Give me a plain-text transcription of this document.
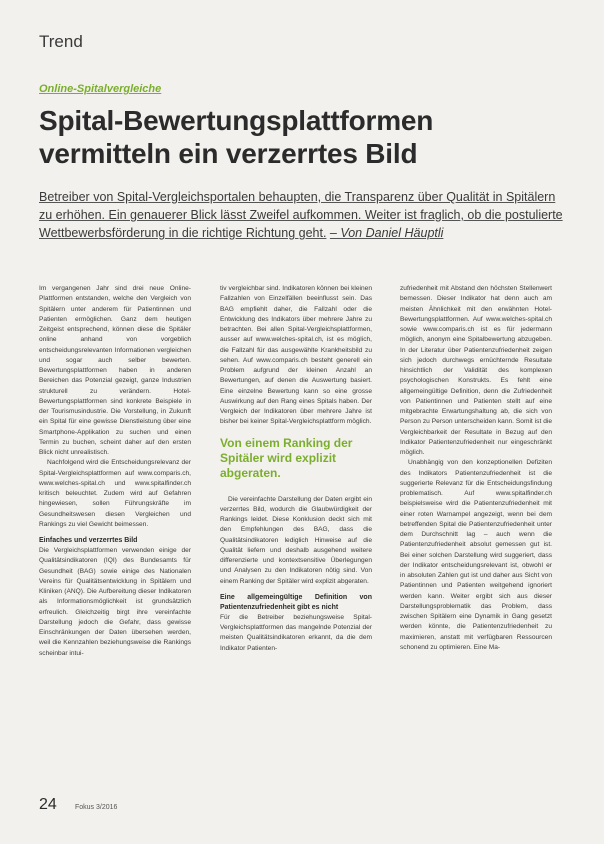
Trend
Online-Spitalvergleiche
Spital-Bewertungsplattformen
vermitteln ein verzerrtes Bild
Betreiber von Spital-Vergleichsportalen behaupten, die Transparenz über Qualität in Spitälern zu erhöhen. Ein genauerer Blick lässt Zweifel aufkommen. Weiter ist fraglich, ob die postulierte Wettbewerbsförderung in die richtige Richtung geht. – Von Daniel Häuptli

Im vergangenen Jahr sind drei neue Online-Plattformen entstanden, welche den Vergleich von Spitälern unter anderem für Patientinnen und Patienten ermöglichen. Ganz dem heutigen Zeitgeist entsprechend, können diese die Spitäler online anhand von vorgeblich entscheidungsrelevanten Informationen vergleichen und sogar auch selber bewerten. Bewertungsplattformen haben in anderen Bereichen das Potenzial gezeigt, ganze Industrien strukturell zu verändern. Hotel-Bewertungsplattformen sind konkrete Beispiele in der Tourismusindustrie. Die Vorstellung, in Zukunft ein Spital für eine gewisse Dienstleistung über eine Smartphone-Applikation zu suchen und einen Termin zu buchen, scheint daher auf den ersten Blick nicht unrealistisch.

Nachfolgend wird die Entscheidungsrelevanz der Spital-Vergleichsplattformen auf www.comparis.ch, www.welches-spital.ch und www.spitalfinder.ch kritisch beleuchtet. Zudem wird auf Gefahren hingewiesen, sollen Führungskräfte im Gesundheitswesen diesen Vergleichen und Rankings zu viel Gewicht beimessen.

Einfaches und verzerrtes Bild

Die Vergleichsplattformen verwenden einige der Qualitätsindikatoren (IQI) des Bundesamts für Gesundheit (BAG) sowie einige des Nationalen Vereins für Qualitätsentwicklung in Spitälern und Kliniken (ANQ). Die Aufbereitung dieser Indikatoren als Informationsmöglichkeit ist grundsätzlich erfreulich. Gleichzeitig birgt ihre vereinfachte Darstellung jedoch die Gefahr, dass gewisse Einschränkungen der Daten übersehen werden, weil die Kennzahlen beziehungsweise die Rankings scheinbar intui-

tiv vergleichbar sind. Indikatoren können bei kleinen Fallzahlen von Einzelfällen beeinflusst sein. Das BAG empfiehlt daher, die Fallzahl oder die Entwicklung des Indikators über mehrere Jahre zu betrachten. Bei allen Spital-Vergleichsplattformen, ausser auf www.welches-spital.ch, ist es möglich, die Fallzahl für das ausgewählte Krankheitsbild zu sehen. Auf www.comparis.ch besteht generell ein Problem aufgrund der kleinen Anzahl an Bewertungen, auf denen die Auswertung basiert. Eine einzelne Bewertung kann so eine grosse Auswirkung auf den Rang eines Spitals haben. Der Vergleich der Indikatoren über mehrere Jahre ist bisher bei keiner Spital-Vergleichsplattform möglich.

Von einem Ranking der Spitäler wird explizit abgeraten.

Die vereinfachte Darstellung der Daten ergibt ein verzerrtes Bild, wodurch die Glaubwürdigkeit der Rankings leidet. Diese Konklusion deckt sich mit den Empfehlungen des BAG, dass die Qualitätsindikatoren lediglich Hinweise auf die Qualität liefern und deshalb ausgehend weitere differenzierte und kontextsensitive Überlegungen und Analysen zu den Indikatoren nötig sind. Von einem Ranking der Spitäler wird explizit abgeraten.

Eine allgemeingültige Definition von Patientenzufriedenheit gibt es nicht

Für die Betreiber beziehungsweise Spital-Vergleichsplattformen das mangelnde Potenzial der meisten Qualitätsindikatoren erkannt, da die dem Indikator Patienten-

zufriedenheit mit Abstand den höchsten Stellenwert bemessen. Dieser Indikator hat denn auch am meisten Ähnlichkeit mit den erwähnten Hotel-Bewertungsplattformen. Auf www.welches-spital.ch sowie www.comparis.ch ist es für jedermann möglich, anonym eine Spitalbewertung abzugeben. In der Literatur über Patientenzufriedenheit zeigen sich jedoch durchwegs ernüchternde Resultate hinsichtlich der Validität des komplexen psychologischen Konstrukts. Es fehlt eine allgemeingültige Definition, denn die Zufriedenheit von Patientinnen und Patienten stellt auf eine mitgebrachte Erwartungshaltung ab, die sich von Person zu Person unterscheiden kann. Somit ist die Vergleichbarkeit der Resultate in Bezug auf den Indikator Patientenzufriedenheit nur eingeschränkt möglich.

Unabhängig von den konzeptionellen Defiziten des Indikators Patientenzufriedenheit ist die suggerierte Relevanz für die Entscheidungsfindung problematisch. Auf www.spitalfinder.ch beispielsweise wird die Patientenzufriedenheit mit einer roten Warnampel angezeigt, wenn bei dem betreffenden Spital die Patientenzufriedenheit unter dem Durchschnitt lag – auch wenn die Patientenzufriedenheit absolut gemessen gut ist. Bei einer solchen Darstellung wird suggeriert, dass der Indikator entscheidungsrelevant ist, obwohl er in absoluten Zahlen gut ist und daher aus Sicht von Patientinnen und Patienten weitgehend ignoriert werden kann. Weiter ergibt sich aus dieser Darstellungsproblematik das Problem, dass zwischen Spitälern eine Dynamik in Gang gesetzt werden könnte, die Patientenzufriedenheit zu maximieren, anstatt mit verfügbaren Ressourcen schonend zu optimieren. Eine Ma-

24	Fokus 3/2016
